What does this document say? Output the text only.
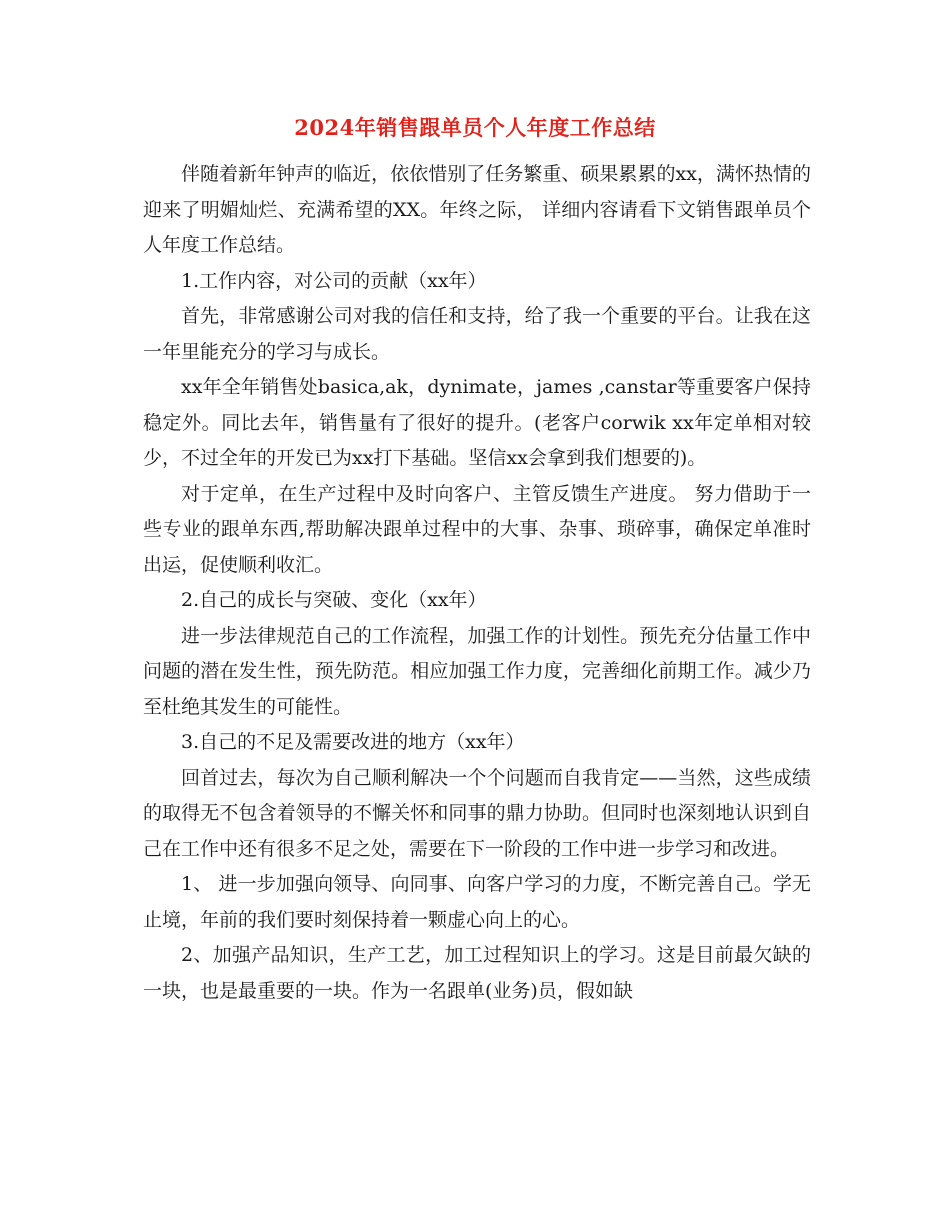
2024年销售跟单员个人年度工作总结

伴随着新年钟声的临近，依依惜别了任务繁重、硕果累累的xx，满怀热情的迎来了明媚灿烂、充满希望的XX。年终之际， 详细内容请看下文销售跟单员个人年度工作总结。

1.工作内容，对公司的贡献（xx年）

首先，非常感谢公司对我的信任和支持，给了我一个重要的平台。让我在这一年里能充分的学习与成长。

xx年全年销售处basica,ak，dynimate，james ,canstar等重要客户保持稳定外。同比去年，销售量有了很好的提升。(老客户corwik xx年定单相对较少，不过全年的开发已为xx打下基础。坚信xx会拿到我们想要的)。

对于定单，在生产过程中及时向客户、主管反馈生产进度。 努力借助于一些专业的跟单东西,帮助解决跟单过程中的大事、杂事、琐碎事，确保定单准时出运，促使顺利收汇。

2.自己的成长与突破、变化（xx年）

进一步法律规范自己的工作流程，加强工作的计划性。预先充分估量工作中问题的潜在发生性，预先防范。相应加强工作力度，完善细化前期工作。减少乃至杜绝其发生的可能性。

3.自己的不足及需要改进的地方（xx年）

回首过去，每次为自己顺利解决一个个问题而自我肯定——当然，这些成绩的取得无不包含着领导的不懈关怀和同事的鼎力协助。但同时也深刻地认识到自己在工作中还有很多不足之处，需要在下一阶段的工作中进一步学习和改进。

1、 进一步加强向领导、向同事、向客户学习的力度，不断完善自己。学无止境，年前的我们要时刻保持着一颗虚心向上的心。

2、加强产品知识，生产工艺，加工过程知识上的学习。这是目前最欠缺的一块，也是最重要的一块。作为一名跟单(业务)员，假如缺
